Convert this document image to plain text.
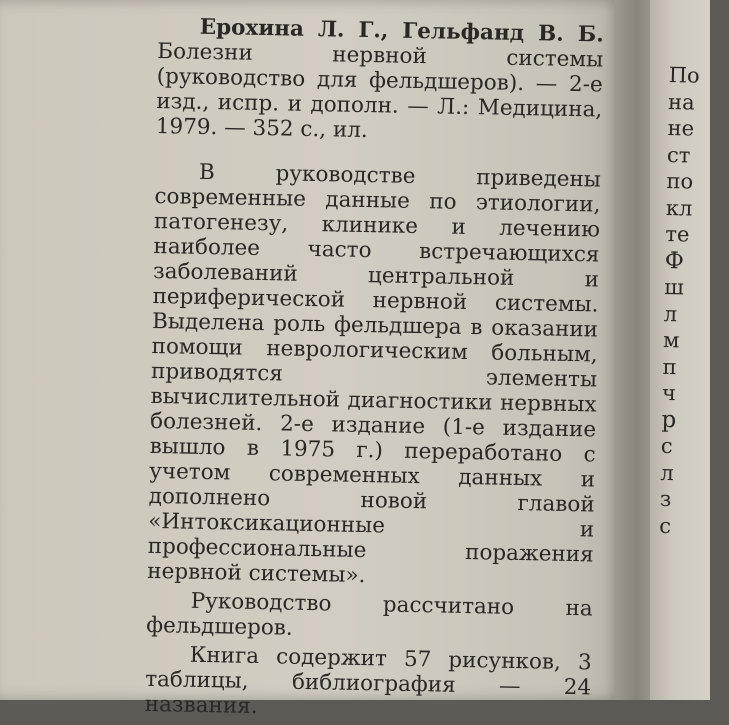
Ерохина Л. Г., Гельфанд В. Б. Болезни нервной системы (руководство для фельдшеров). — 2-е изд., испр. и дополн. — Л.: Медицина, 1979. — 352 с., ил.

В руководстве приведены современные данные по этиологии, патогенезу, клинике и лечению наиболее часто встречающихся заболеваний центральной и периферической нервной системы. Выделена роль фельдшера в оказании помощи неврологическим больным, приводятся элементы вычислительной диагностики нервных болезней. 2-е издание (1-е издание вышло в 1975 г.) переработано с учетом современных данных и дополнено новой главой «Интоксикационные и профессиональные поражения нервной системы».

Руководство рассчитано на фельдшеров.

Книга содержит 57 рисунков, 3 таблицы, библиография — 24 названия.

По
на
не
ст
по
кл
те
Ф
ш
л
м
п
ч
р
с
л
з
с
